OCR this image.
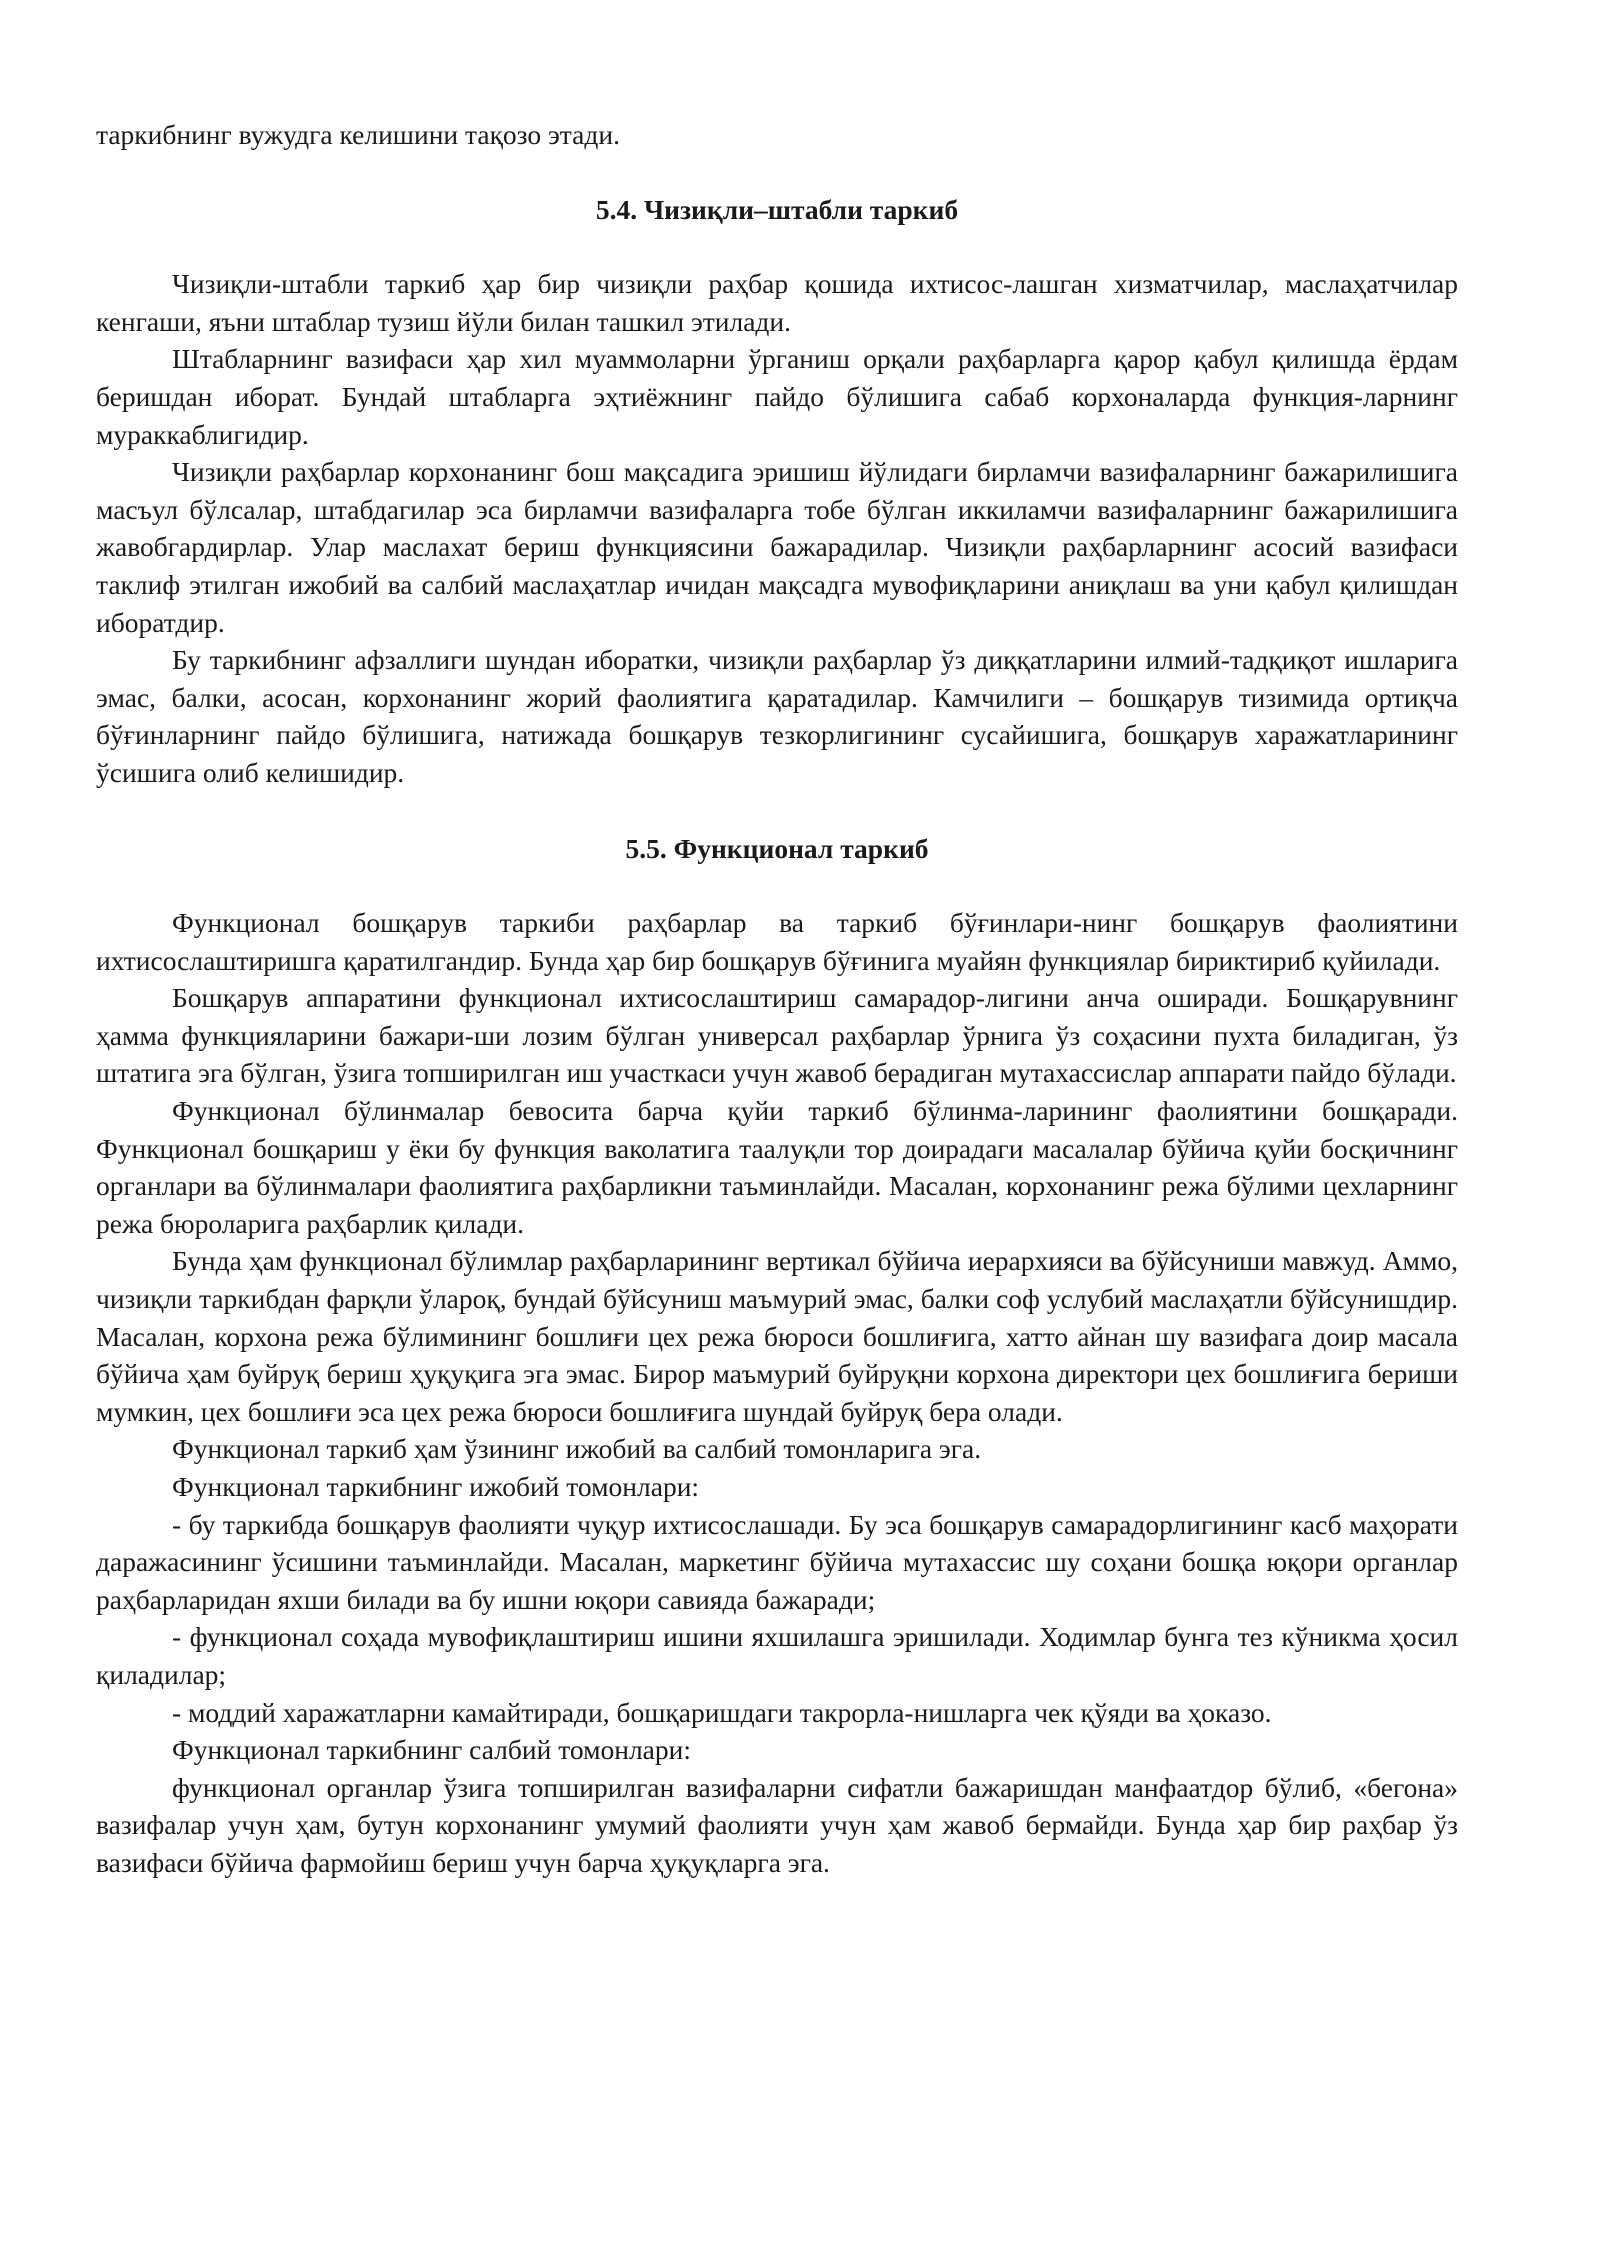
таркибнинг вужудга келишини тақозо этади.

5.4. Чизиқли–штабли таркиб

Чизиқли-штабли таркиб ҳар бир чизиқли раҳбар қошида ихтисос-лашган хизматчилар, маслаҳатчилар кенгаши, яъни штаблар тузиш йўли билан ташкил этилади.

Штабларнинг вазифаси ҳар хил муаммоларни ўрганиш орқали раҳбарларга қарор қабул қилишда ёрдам беришдан иборат. Бундай штабларга эҳтиёжнинг пайдо бўлишига сабаб корхоналарда функция-ларнинг мураккаблигидир.

Чизиқли раҳбарлар корхонанинг бош мақсадига эришиш йўлидаги бирламчи вазифаларнинг бажарилишига масъул бўлсалар, штабдагилар эса бирламчи вазифаларга тобе бўлган иккиламчи вазифаларнинг бажарилишига жавобгардирлар. Улар маслахат бериш функциясини бажарадилар. Чизиқли раҳбарларнинг асосий вазифаси таклиф этилган ижобий ва салбий маслаҳатлар ичидан мақсадга мувофиқларини аниқлаш ва уни қабул қилишдан иборатдир.

Бу таркибнинг афзаллиги шундан иборатки, чизиқли раҳбарлар ўз диққатларини илмий-тадқиқот ишларига эмас, балки, асосан, корхонанинг жорий фаолиятига қаратадилар. Камчилиги – бошқарув тизимида ортиқча бўғинларнинг пайдо бўлишига, натижада бошқарув тезкорлигининг сусайишига, бошқарув харажатларининг ўсишига олиб келишидир.

5.5. Функционал таркиб

Функционал бошқарув таркиби раҳбарлар ва таркиб бўғинлари-нинг бошқарув фаолиятини ихтисослаштиришга қаратилгандир. Бунда ҳар бир бошқарув бўғинига муайян функциялар бириктириб қуйилади.

Бошқарув аппаратини функционал ихтисослаштириш самарадор-лигини анча оширади. Бошқарувнинг ҳамма функцияларини бажари-ши лозим бўлган универсал раҳбарлар ўрнига ўз соҳасини пухта биладиган, ўз штатига эга бўлган, ўзига топширилган иш участкаси учун жавоб берадиган мутахассислар аппарати пайдо бўлади.

Функционал бўлинмалар бевосита барча қуйи таркиб бўлинма-ларининг фаолиятини бошқаради. Функционал бошқариш у ёки бу функция ваколатига таалуқли тор доирадаги масалалар бўйича қуйи босқичнинг органлари ва бўлинмалари фаолиятига раҳбарликни таъминлайди. Масалан, корхонанинг режа бўлими цехларнинг режа бюроларига раҳбарлик қилади.

Бунда ҳам функционал бўлимлар раҳбарларининг вертикал бўйича иерархияси ва бўйсуниши мавжуд. Аммо, чизиқли таркибдан фарқли ўлароқ, бундай бўйсуниш маъмурий эмас, балки соф услубий маслаҳатли бўйсунишдир. Масалан, корхона режа бўлимининг бошлиғи цех режа бюроси бошлиғига, хатто айнан шу вазифага доир масала бўйича ҳам буйруқ бериш ҳуқуқига эга эмас. Бирор маъмурий буйруқни корхона директори цех бошлиғига бериши мумкин, цех бошлиғи эса цех режа бюроси бошлиғига шундай буйруқ бера олади.

Функционал таркиб ҳам ўзининг ижобий ва салбий томонларига эга.

Функционал таркибнинг ижобий томонлари:

- бу таркибда бошқарув фаолияти чуқур ихтисослашади. Бу эса бошқарув самарадорлигининг касб маҳорати даражасининг ўсишини таъминлайди. Масалан, маркетинг бўйича мутахассис шу соҳани бошқа юқори органлар раҳбарларидан яхши билади ва бу ишни юқори савияда бажаради;

- функционал соҳада мувофиқлаштириш ишини яхшилашга эришилади. Ходимлар бунга тез кўникма ҳосил қиладилар;

- моддий харажатларни камайтиради, бошқаришдаги такрорла-нишларга чек қўяди ва ҳоказо.

Функционал таркибнинг салбий томонлари:

функционал органлар ўзига топширилган вазифаларни сифатли бажаришдан манфаатдор бўлиб, «бегона» вазифалар учун ҳам, бутун корхонанинг умумий фаолияти учун ҳам жавоб бермайди. Бунда ҳар бир раҳбар ўз вазифаси бўйича фармойиш бериш учун барча ҳуқуқларга эга.
